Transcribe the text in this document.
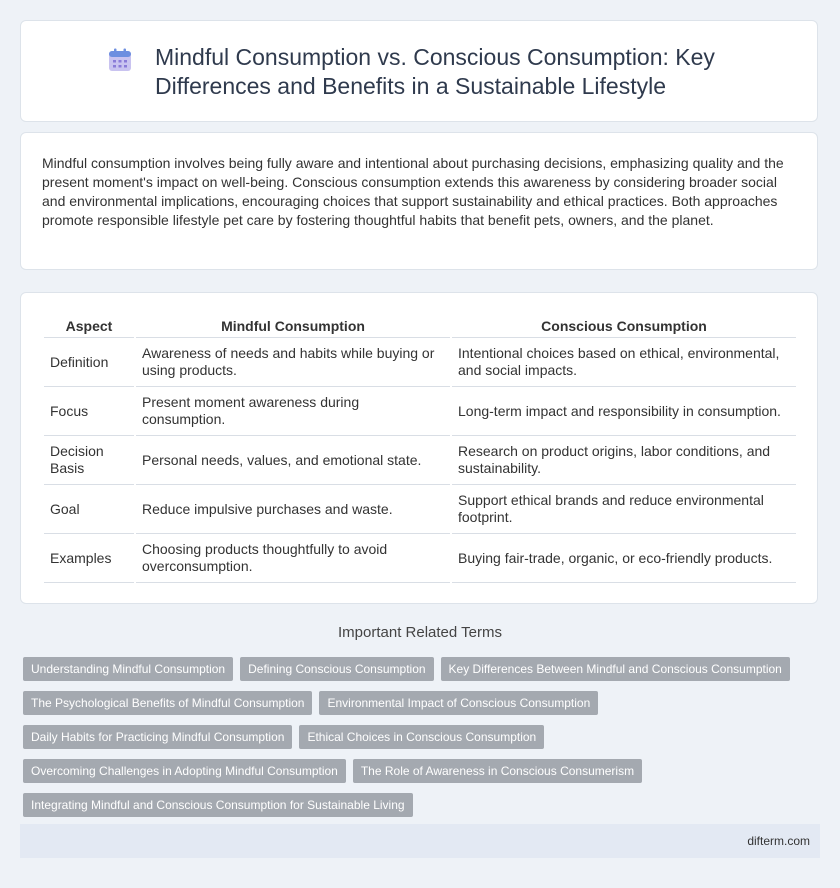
Mindful Consumption vs. Conscious Consumption: Key Differences and Benefits in a Sustainable Lifestyle

Mindful consumption involves being fully aware and intentional about purchasing decisions, emphasizing quality and the present moment's impact on well-being. Conscious consumption extends this awareness by considering broader social and environmental implications, encouraging choices that support sustainability and ethical practices. Both approaches promote responsible lifestyle pet care by fostering thoughtful habits that benefit pets, owners, and the planet.

Aspect	Mindful Consumption	Conscious Consumption
Definition	Awareness of needs and habits while buying or using products.	Intentional choices based on ethical, environmental, and social impacts.
Focus	Present moment awareness during consumption.	Long-term impact and responsibility in consumption.
Decision Basis	Personal needs, values, and emotional state.	Research on product origins, labor conditions, and sustainability.
Goal	Reduce impulsive purchases and waste.	Support ethical brands and reduce environmental footprint.
Examples	Choosing products thoughtfully to avoid overconsumption.	Buying fair-trade, organic, or eco-friendly products.
Important Related Terms
Understanding Mindful Consumption	Defining Conscious Consumption	Key Differences Between Mindful and Conscious Consumption
The Psychological Benefits of Mindful Consumption	Environmental Impact of Conscious Consumption
Daily Habits for Practicing Mindful Consumption	Ethical Choices in Conscious Consumption
Overcoming Challenges in Adopting Mindful Consumption	The Role of Awareness in Conscious Consumerism
Integrating Mindful and Conscious Consumption for Sustainable Living
difterm.com
